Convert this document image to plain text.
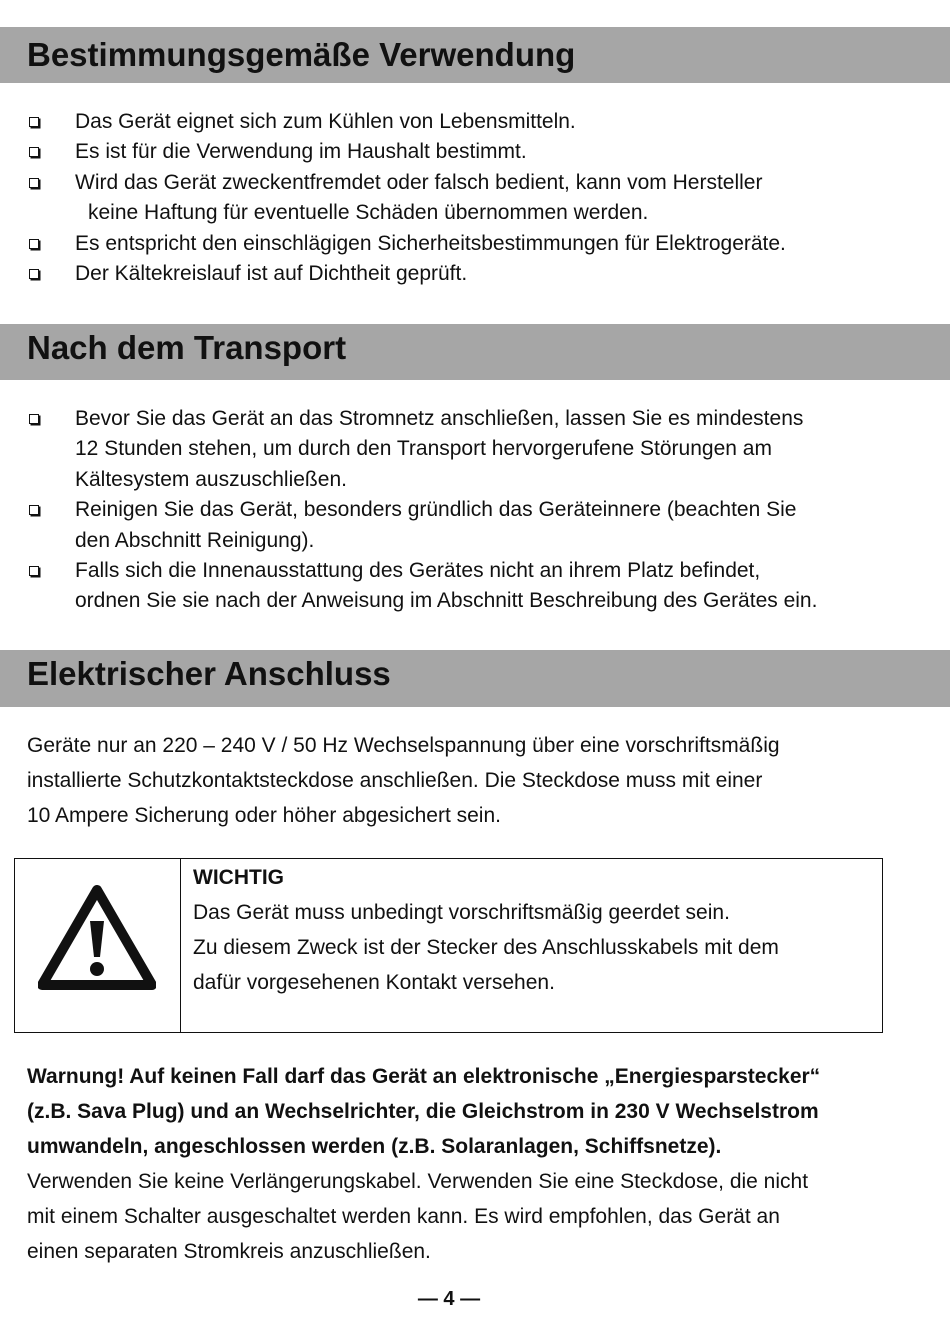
Bestimmungsgemäße Verwendung
Das Gerät eignet sich zum Kühlen von Lebensmitteln.
Es ist für die Verwendung im Haushalt bestimmt.
Wird das Gerät zweckentfremdet oder falsch bedient, kann vom Hersteller
keine Haftung für eventuelle Schäden übernommen werden.
Es entspricht den einschlägigen Sicherheitsbestimmungen für Elektrogeräte.
Der Kältekreislauf ist auf Dichtheit geprüft.
Nach dem Transport
Bevor Sie das Gerät an das Stromnetz anschließen, lassen Sie es mindestens
12 Stunden stehen, um durch den Transport hervorgerufene Störungen am
Kältesystem auszuschließen.
Reinigen Sie das Gerät, besonders gründlich das Geräteinnere (beachten Sie
den Abschnitt Reinigung).
Falls sich die Innenausstattung des Gerätes nicht an ihrem Platz befindet,
ordnen Sie sie nach der Anweisung im Abschnitt Beschreibung des Gerätes ein.
Elektrischer Anschluss

Geräte nur an 220 – 240 V / 50 Hz Wechselspannung über eine vorschriftsmäßig
installierte Schutzkontaktsteckdose anschließen. Die Steckdose muss mit einer
10 Ampere Sicherung oder höher abgesichert sein.

WICHTIG
Das Gerät muss unbedingt vorschriftsmäßig geerdet sein.
Zu diesem Zweck ist der Stecker des Anschlusskabels mit dem
dafür vorgesehenen Kontakt versehen.

Warnung! Auf keinen Fall darf das Gerät an elektronische „Energiesparstecker“
(z.B. Sava Plug) und an Wechselrichter, die Gleichstrom in 230 V Wechselstrom
umwandeln, angeschlossen werden (z.B. Solaranlagen, Schiffsnetze).

Verwenden Sie keine Verlängerungskabel. Verwenden Sie eine Steckdose, die nicht
mit einem Schalter ausgeschaltet werden kann. Es wird empfohlen, das Gerät an
einen separaten Stromkreis anzuschließen.

— 4 —
